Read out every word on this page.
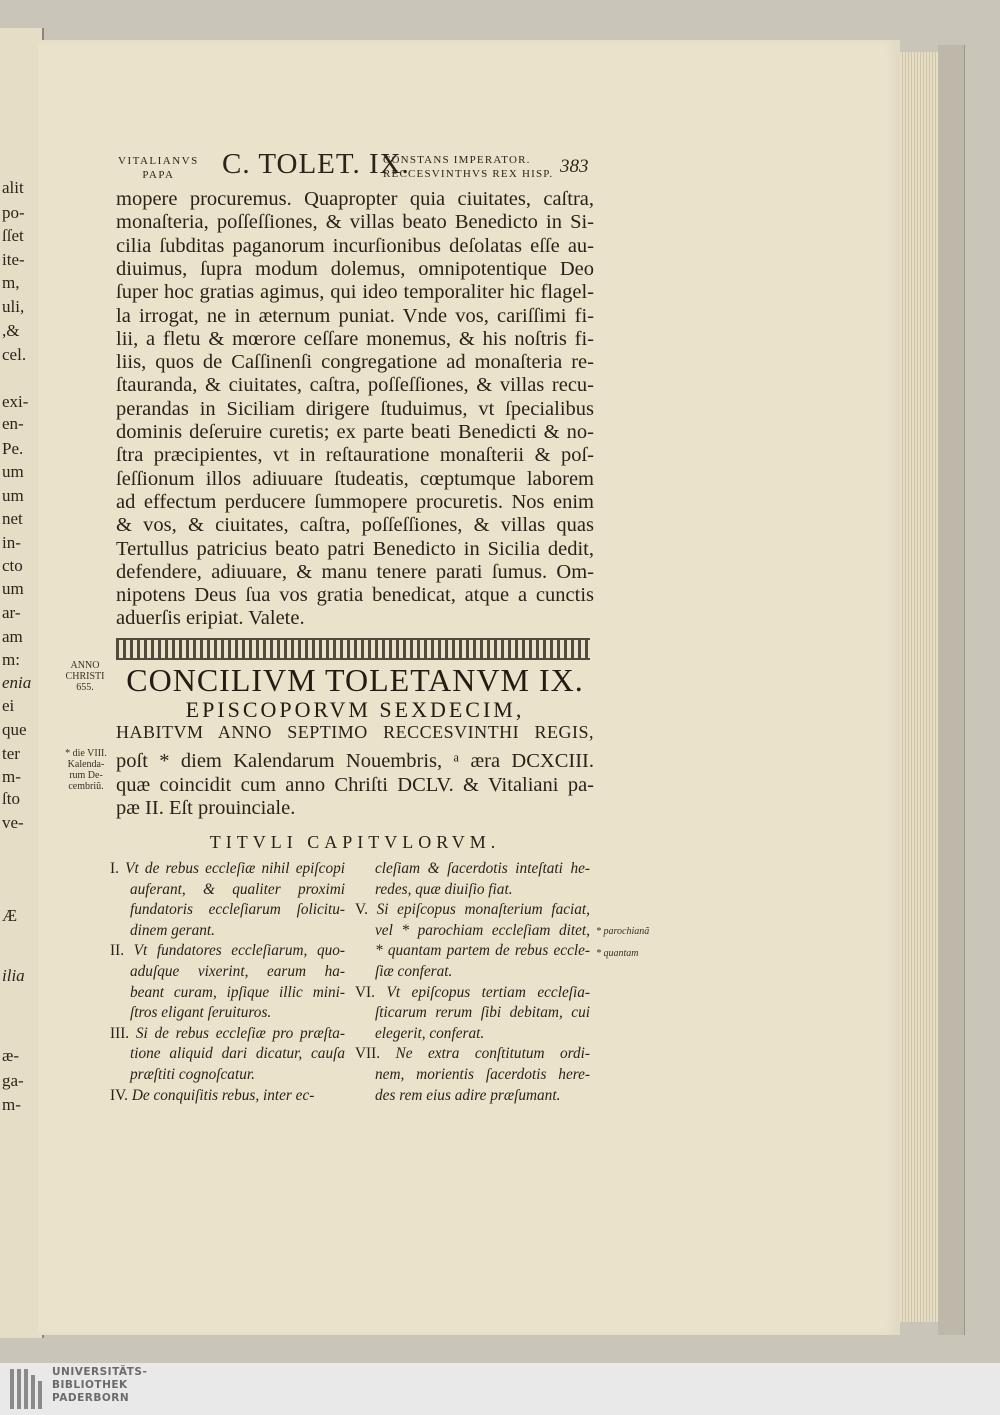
alit
po-
ſſet
ite-
m,
uli,
,&
cel.
exi-
en-
Pe.
um
um
net
in-
cto
um
ar-
am
m:
enia
ei
que
ter
m-
ſto
ve-
Æ
ilia
æ-
ga-
m-
VITALIANVS
PAPA	C. TOLET. IX.
CONSTANS IMPERATOR.
RECCESVINTHVS REX HISP. 383
mopere procuremus. Quapropter quia ciuitates, caſtra,
monaſteria, poſſeſſiones, & villas beato Benedicto in Si-
cilia ſubditas paganorum incurſionibus deſolatas eſſe au-
diuimus, ſupra modum dolemus, omnipotentique Deo
ſuper hoc gratias agimus, qui ideo temporaliter hic flagel-
la irrogat, ne in æternum puniat. Vnde vos, cariſſimi fi-
lii, a fletu & mœrore ceſſare monemus, & his noſtris fi-
liis, quos de Caſſinenſi congregatione ad monaſteria re-
ſtauranda, & ciuitates, caſtra, poſſeſſiones, & villas recu-
perandas in Siciliam dirigere ſtuduimus, vt ſpecialibus
dominis deſeruire curetis; ex parte beati Benedicti & no-
ſtra præcipientes, vt in reſtauratione monaſterii & poſ-
ſeſſionum illos adiuuare ſtudeatis, cœptumque laborem
ad effectum perducere ſummopere procuretis. Nos enim
& vos, & ciuitates, caſtra, poſſeſſiones, & villas quas
Tertullus patricius beato patri Benedicto in Sicilia dedit,
defendere, adiuuare, & manu tenere parati ſumus. Om-
nipotens Deus ſua vos gratia benedicat, atque a cunctis
aduerſis eripiat. Valete.
ANNO
CHRISTI
655.	CONCILIVM TOLETANVM IX.
EPISCOPORVM SEXDECIM,
HABITVM ANNO SEPTIMO RECCESVINTHI REGIS,
poſt * diem Kalendarum Nouembris, ᵃ æra DCXCIII.
quæ coincidit cum anno Chriſti DCLV. & Vitaliani pa-
pæ II. Eſt prouinciale.
* die VIII.
Kalenda-
rum De-
cembriũ.
TITVLI CAPITVLORVM.
I. Vt de rebus eccleſiæ nihil epiſcopi
auferant, & qualiter proximi
fundatoris eccleſiarum ſolicitu-
dinem gerant.
II. Vt fundatores eccleſiarum, quo-
aduſque vixerint, earum ha-
beant curam, ipſique illic mini-
ſtros eligant ſeruituros.
III. Si de rebus eccleſiæ pro præſta-
tione aliquid dari dicatur, cauſa
præſtiti cognoſcatur.
IV. De conquiſitis rebus, inter ec-
cleſiam & ſacerdotis inteſtati he-
redes, quæ diuiſio fiat.
V. Si epiſcopus monaſterium faciat,
vel * parochiam eccleſiam ditet,
* quantam partem de rebus eccle-
ſiæ conferat.
VI. Vt epiſcopus tertiam eccleſia-
ſticarum rerum ſibi debitam, cui
elegerit, conferat.
VII. Ne extra conſtitutum ordi-
nem, morientis ſacerdotis here-
des rem eius adire præſumant.
* parochianã
* quantam
UNIVERSITÄTS-
BIBLIOTHEK
PADERBORN
